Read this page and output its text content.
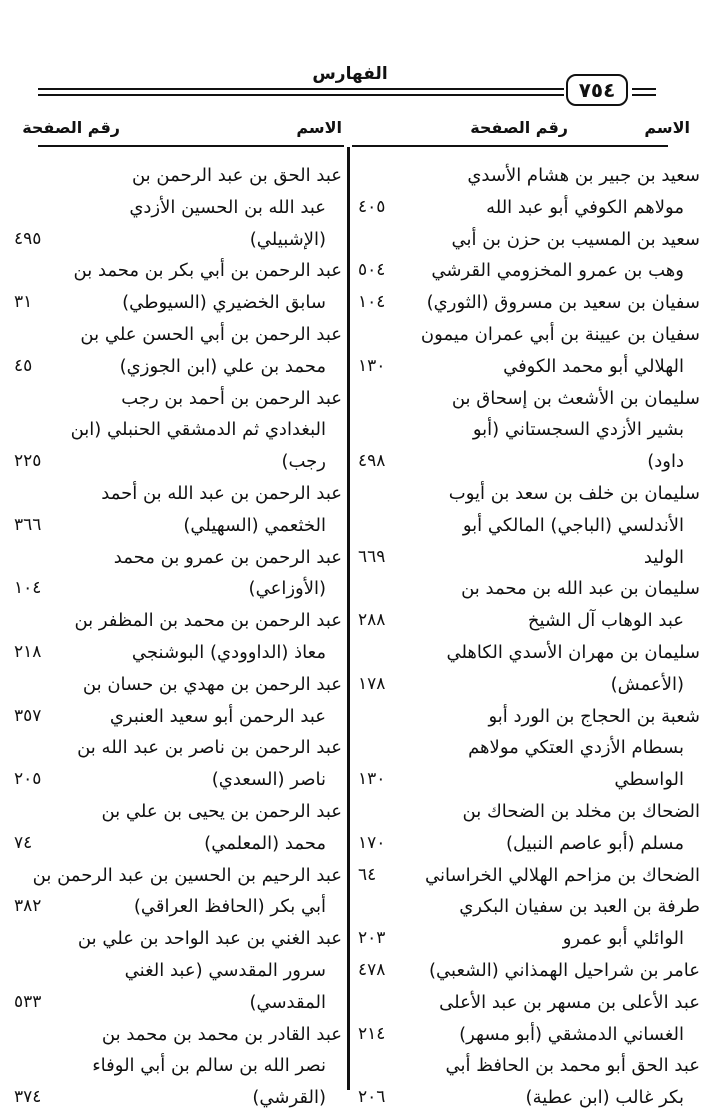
الفهارس
٧٥٤
الاسم
رقم الصفحة
الاسم
رقم الصفحة
سعيد بن جبير بن هشام الأسدي
مولاهم الكوفي أبو عبد الله
٤٠٥
سعيد بن المسيب بن حزن بن أبي
وهب بن عمرو المخزومي القرشي
٥٠٤
سفيان بن سعيد بن مسروق (الثوري)
١٠٤
سفيان بن عيينة بن أبي عمران ميمون
الهلالي أبو محمد الكوفي
١٣٠
سليمان بن الأشعث بن إسحاق بن
بشير الأزدي السجستاني (أبو
داود)
٤٩٨
سليمان بن خلف بن سعد بن أيوب
الأندلسي (الباجي) المالكي أبو
الوليد
٦٦٩
سليمان بن عبد الله بن محمد بن
عبد الوهاب آل الشيخ
٢٨٨
سليمان بن مهران الأسدي الكاهلي
(الأعمش)
١٧٨
شعبة بن الحجاج بن الورد أبو
بسطام الأزدي العتكي مولاهم
الواسطي
١٣٠
الضحاك بن مخلد بن الضحاك بن
مسلم (أبو عاصم النبيل)
١٧٠
الضحاك بن مزاحم الهلالي الخراساني
٦٤
طرفة بن العبد بن سفيان البكري
الوائلي أبو عمرو
٢٠٣
عامر بن شراحيل الهمذاني (الشعبي)
٤٧٨
عبد الأعلى بن مسهر بن عبد الأعلى
الغساني الدمشقي (أبو مسهر)
٢١٤
عبد الحق أبو محمد بن الحافظ أبي
بكر غالب (ابن عطية)
٢٠٦
عبد الحق بن عبد الرحمن بن
عبد الله بن الحسين الأزدي
(الإشبيلي)
٤٩٥
عبد الرحمن بن أبي بكر بن محمد بن
سابق الخضيري (السيوطي)
٣١
عبد الرحمن بن أبي الحسن علي بن
محمد بن علي (ابن الجوزي)
٤٥
عبد الرحمن بن أحمد بن رجب
البغدادي ثم الدمشقي الحنبلي (ابن
رجب)
٢٢٥
عبد الرحمن بن عبد الله بن أحمد
الخثعمي (السهيلي)
٣٦٦
عبد الرحمن بن عمرو بن محمد
(الأوزاعي)
١٠٤
عبد الرحمن بن محمد بن المظفر بن
معاذ (الداوودي) البوشنجي
٢١٨
عبد الرحمن بن مهدي بن حسان بن
عبد الرحمن أبو سعيد العنبري
٣٥٧
عبد الرحمن بن ناصر بن عبد الله بن
ناصر (السعدي)
٢٠٥
عبد الرحمن بن يحيى بن علي بن
محمد (المعلمي)
٧٤
عبد الرحيم بن الحسين بن عبد الرحمن بن
أبي بكر (الحافظ العراقي)
٣٨٢
عبد الغني بن عبد الواحد بن علي بن
سرور المقدسي (عبد الغني
المقدسي)
٥٣٣
عبد القادر بن محمد بن محمد بن
نصر الله بن سالم بن أبي الوفاء
(القرشي)
٣٧٤
